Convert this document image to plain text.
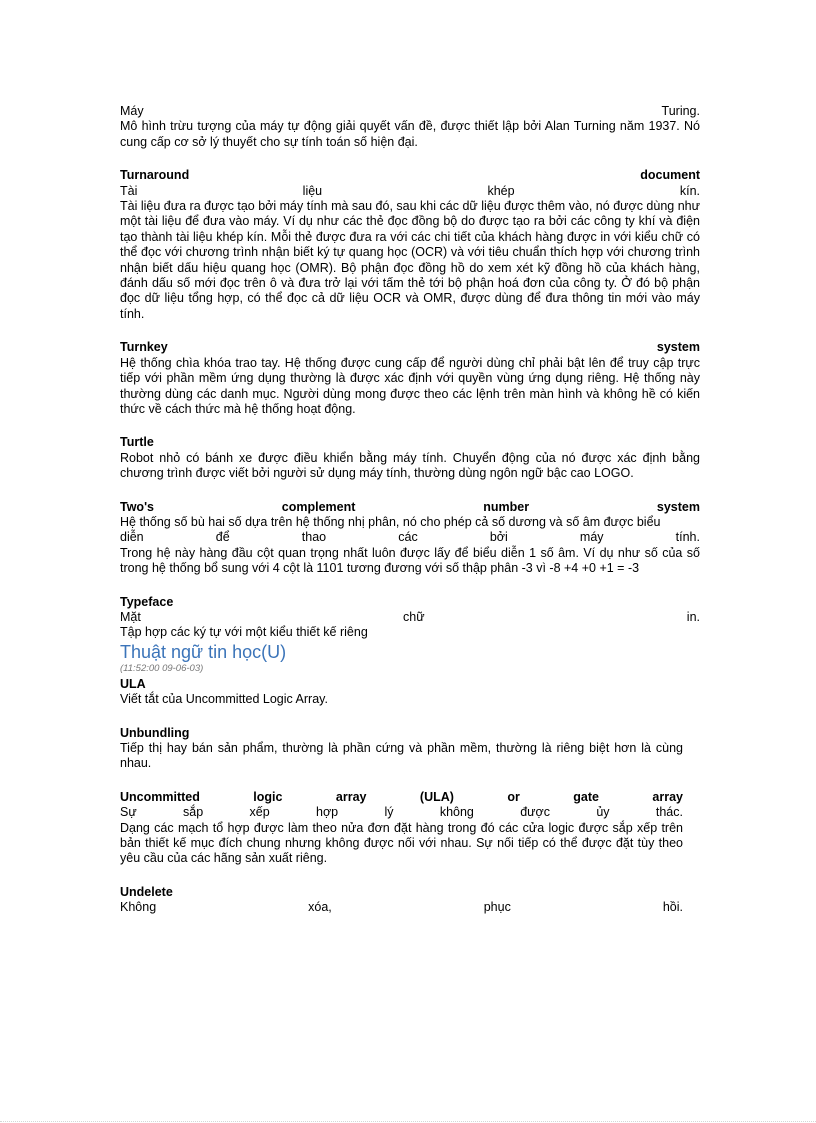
Máy	Turing.
Mô hình trừu tượng của máy tự động giải quyết vấn đề, được thiết lập bởi Alan Turning năm 1937. Nó cung cấp cơ sở lý thuyết cho sự tính toán số hiện đại.
Turnaround	document
Tài	liệu	khép	kín.
Tài liệu đưa ra được tạo bởi máy tính mà sau đó, sau khi các dữ liệu được thêm vào, nó được dùng như một tài liệu để đưa vào máy. Ví dụ như các thẻ đọc đồng bộ do được tạo ra bởi các công ty khí và điện tạo thành tài liệu khép kín. Mỗi thẻ được đưa ra với các chi tiết của khách hàng được in với kiểu chữ có thể đọc với chương trình nhận biết ký tự quang học (OCR) và với tiêu chuẩn thích hợp với chương trình nhận biết dấu hiệu quang học (OMR). Bộ phận đọc đồng hồ do xem xét kỹ đồng hồ của khách hàng, đánh dấu số mới đọc trên ô và đưa trở lại với tấm thẻ tới bộ phận hoá đơn của công ty. Ở đó bộ phận đọc dữ liệu tổng hợp, có thể đọc cả dữ liệu OCR và OMR, được dùng để đưa thông tin mới vào máy tính.
Turnkey	system
Hệ thống chìa khóa trao tay. Hệ thống được cung cấp để người dùng chỉ phải bật lên để truy cập trực tiếp với phần mềm ứng dụng thường là được xác định với quyền vùng ứng dụng riêng. Hệ thống này thường dùng các danh mục. Người dùng mong được theo các lệnh trên màn hình và không hề có kiến thức về cách thức mà hệ thống hoạt động.
Turtle
Robot nhỏ có bánh xe được điều khiển bằng máy tính. Chuyển động của nó được xác định bằng chương trình được viết bởi người sử dụng máy tính, thường dùng ngôn ngữ bậc cao LOGO.
Two's	complement	number	system
Hệ thống số bù hai số dựa trên hệ thống nhị phân, nó cho phép cả số dương và số âm được biểu
diễn	để	thao	các	bởi	máy	tính.
Trong hệ này hàng đầu cột quan trọng nhất luôn được lấy để biểu diễn 1 số âm. Ví dụ như số của số trong hệ thống bổ sung với 4 cột là 1101 tương đương với số thập phân -3 vì -8 +4 +0 +1 = -3
Typeface
Mặt	chữ	in.
Tập hợp các ký tự với một kiểu thiết kế riêng
Thuật ngữ tin học(U)
(11:52:00 09-06-03)
ULA
Viết tắt của Uncommitted Logic Array.
Unbundling
Tiếp thị hay bán sản phẩm, thường là phần cứng và phần mềm, thường là riêng biệt hơn là cùng nhau.
Uncommitted	logic	array	(ULA)	or	gate	array
Sự	sắp	xếp	hợp	lý	không	được	ủy	thác.
Dạng các mạch tổ hợp được làm theo nửa đơn đặt hàng trong đó các cửa logic được sắp xếp trên bản thiết kế mục đích chung nhưng không được nối với nhau. Sự nối tiếp có thể được đặt tùy theo yêu cầu của các hãng sản xuất riêng.
Undelete
Không	xóa,	phục	hồi.
